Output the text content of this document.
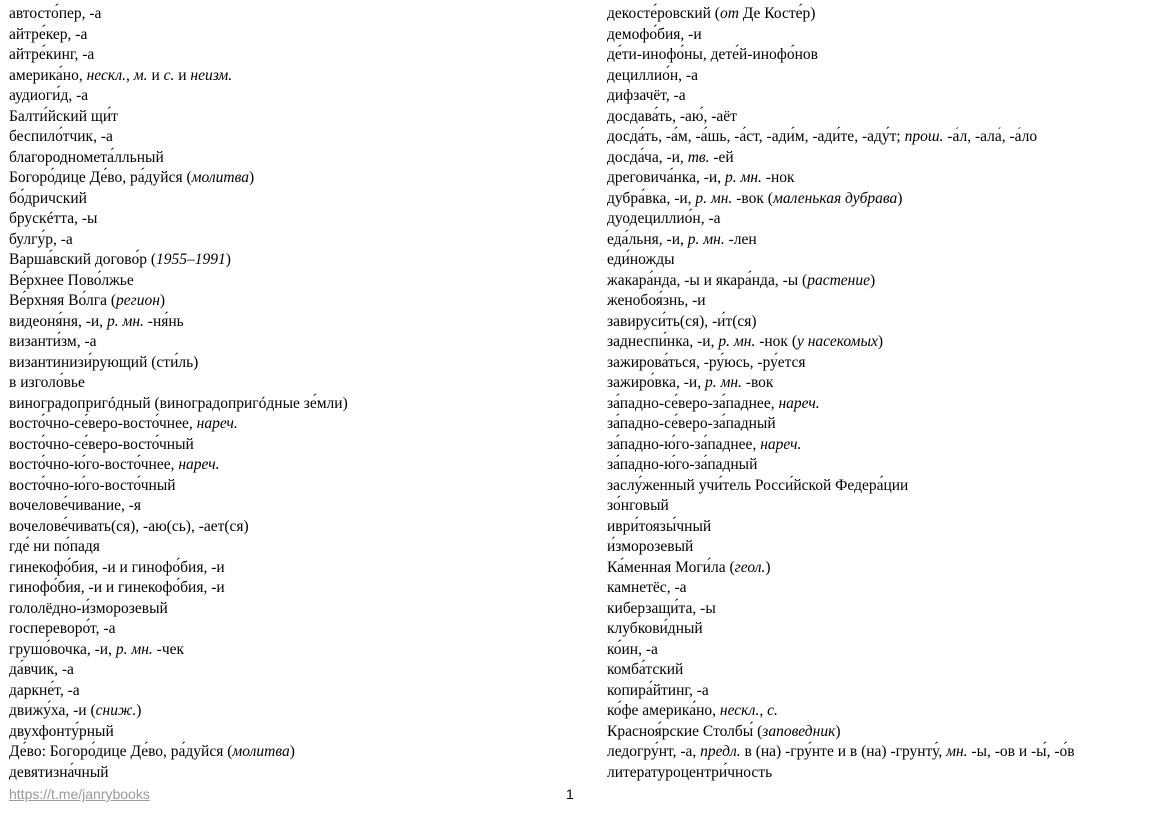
автосто́пер, -а
айтре́кер, -а
айтре́кинг, -а
америка́но, нескл., м. и с. и неизм.
аудиоги́д, -а
Балти́йский щи́т
беспило́тчик, -а
благородномета́лльный
Богоро́дице Де́во, ра́дуйся (молитва)
бо́дричский
брускéтта, -ы
булгу́р, -а
Варша́вский догово́р (1955–1991)
Ве́рхнее Пово́лжье
Ве́рхняя Во́лга (регион)
видеоня́ня, -и, р. мн. -ня́нь
византи́зм, -а
византинизи́рующий (сти́ль)
в изголо́вье
виноградопригóдный (виноградопригóдные зе́мли)
восто́чно-се́веро-восто́чнее, нареч.
восто́чно-се́веро-восто́чный
восто́чно-ю́го-восто́чнее, нареч.
восто́чно-ю́го-восто́чный
вочелове́чивание, -я
вочелове́чивать(ся), -аю(сь), -ает(ся)
где́ ни по́падя
гинекофо́бия, -и и гинофо́бия, -и
гинофо́бия, -и и гинекофо́бия, -и
гололёдно-и́зморозевый
госпереворо́т, -а
грушо́вочка, -и, р. мн. -чек
да́вчик, -а
даркне́т, -а
движу́ха, -и (сниж.)
двухфонту́рный
Де́во: Богоро́дице Де́во, ра́дуйся (молитва)
девятизна́чный
декосте́ровский (от Де Косте́р)
демофо́бия, -и
де́ти-инофо́ны, дете́й-инофо́нов
дециллио́н, -а
дифзачёт, -а
досдава́ть, -аю́, -аёт
досда́ть, -а́м, -а́шь, -а́ст, -ади́м, -ади́те, -аду́т; прош. -а́л, -ала́, -а́ло
досда́ча, -и, тв. -ей
дреговича́нка, -и, р. мн. -нок
дубра́вка, -и, р. мн. -вок (маленькая дубрава)
дуодециллио́н, -а
еда́льня, -и, р. мн. -лен
еди́ножды
жакара́нда, -ы и якара́нда, -ы (растение)
женобоя́знь, -и
завируси́ть(ся), -и́т(ся)
заднеспи́нка, -и, р. мн. -нок (у насекомых)
зажирова́ться, -ру́юсь, -ру́ется
зажиро́вка, -и, р. мн. -вок
за́падно-се́веро-за́паднее, нареч.
за́падно-се́веро-за́падный
за́падно-ю́го-за́паднее, нареч.
за́падно-ю́го-за́падный
заслу́женный учи́тель Росси́йской Федера́ции
зо́нговый
иври́тоязы́чный
и́зморозевый
Ка́менная Моги́ла (геол.)
камнетёс, -а
киберзащи́та, -ы
клубкови́дный
ко́ин, -а
комба́тский
копира́йтинг, -а
ко́фе америка́но, нескл., с.
Красноя́рские Столбы́ (заповедник)
ледогру́нт, -а, предл. в (на) -гру́нте и в (на) -грунту́, мн. -ы, -ов и -ы́, -о́в
литературоцентри́чность
https://t.me/janrybooks	1
